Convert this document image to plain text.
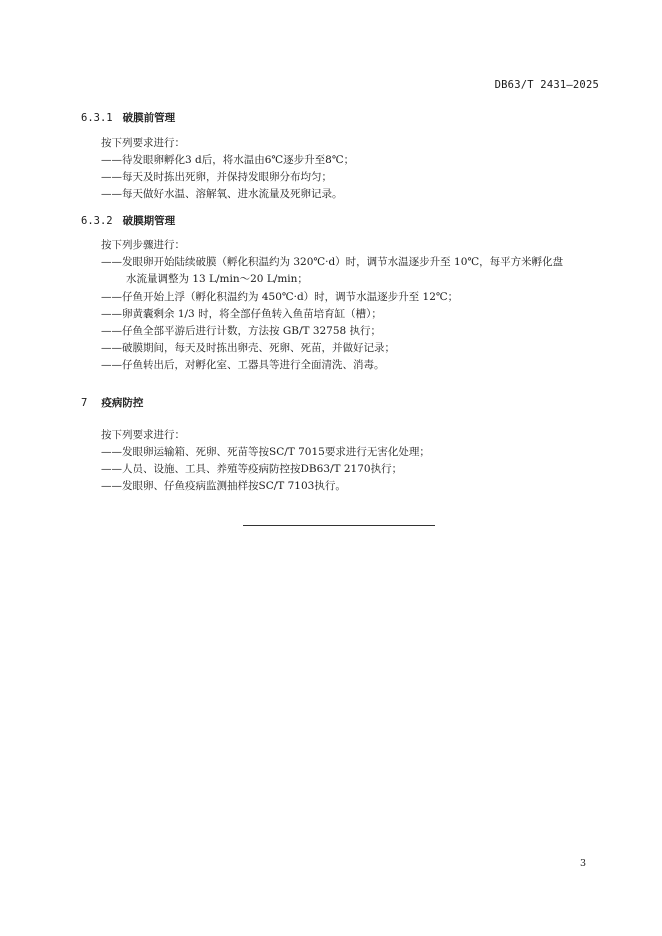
DB63/T 2431—2025
6.3.1 破膜前管理
按下列要求进行：
——待发眼卵孵化3 d后，将水温由6℃逐步升至8℃；
——每天及时拣出死卵，并保持发眼卵分布均匀；
——每天做好水温、溶解氧、进水流量及死卵记录。
6.3.2 破膜期管理
按下列步骤进行：
——发眼卵开始陆续破膜（孵化积温约为 320℃·d）时，调节水温逐步升至 10℃，每平方米孵化盘
水流量调整为 13 L/min～20 L/min；
——仔鱼开始上浮（孵化积温约为 450℃·d）时，调节水温逐步升至 12℃；
——卵黄囊剩余 1/3 时，将全部仔鱼转入鱼苗培育缸（槽）；
——仔鱼全部平游后进行计数，方法按 GB/T 32758 执行；
——破膜期间，每天及时拣出卵壳、死卵、死苗，并做好记录；
——仔鱼转出后，对孵化室、工器具等进行全面清洗、消毒。
7 疫病防控
按下列要求进行：
——发眼卵运输箱、死卵、死苗等按SC/T 7015要求进行无害化处理；
——人员、设施、工具、养殖等疫病防控按DB63/T 2170执行；
——发眼卵、仔鱼疫病监测抽样按SC/T 7103执行。
3
